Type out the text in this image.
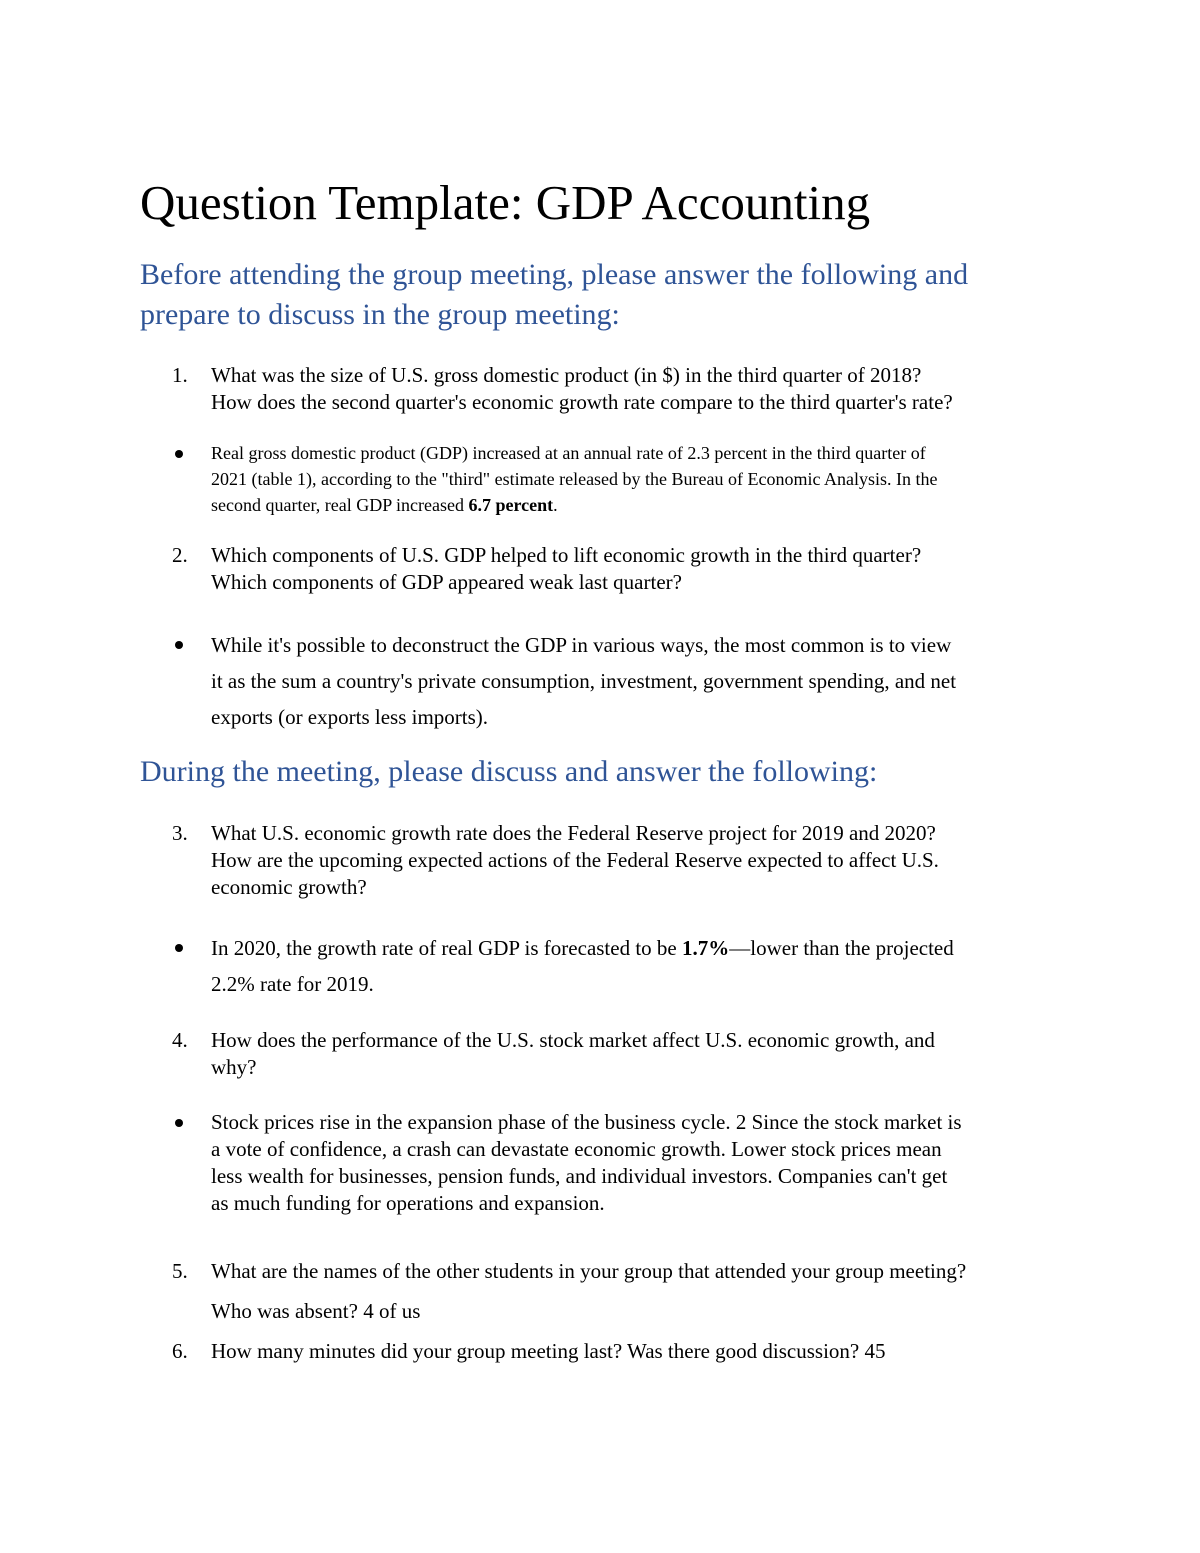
Question Template: GDP Accounting
Before attending the group meeting, please answer the following and
prepare to discuss in the group meeting:
1. What was the size of U.S. gross domestic product (in $) in the third quarter of 2018?

How does the second quarter's economic growth rate compare to the third quarter's rate?

Real gross domestic product (GDP) increased at an annual rate of 2.3 percent in the third quarter of

2021 (table 1), according to the "third" estimate released by the Bureau of Economic Analysis. In the

second quarter, real GDP increased 6.7 percent.

2. Which components of U.S. GDP helped to lift economic growth in the third quarter?

Which components of GDP appeared weak last quarter?

While it's possible to deconstruct the GDP in various ways, the most common is to view

it as the sum a country's private consumption, investment, government spending, and net

exports (or exports less imports).

During the meeting, please discuss and answer the following:
3. What U.S. economic growth rate does the Federal Reserve project for 2019 and 2020?

How are the upcoming expected actions of the Federal Reserve expected to affect U.S.

economic growth?

In 2020, the growth rate of real GDP is forecasted to be 1.7%—lower than the projected

2.2% rate for 2019.

4. How does the performance of the U.S. stock market affect U.S. economic growth, and

why?

Stock prices rise in the expansion phase of the business cycle. 2 Since the stock market is

a vote of confidence, a crash can devastate economic growth. Lower stock prices mean

less wealth for businesses, pension funds, and individual investors. Companies can't get

as much funding for operations and expansion.

5. What are the names of the other students in your group that attended your group meeting?

Who was absent? 4 of us

6. How many minutes did your group meeting last? Was there good discussion? 45
